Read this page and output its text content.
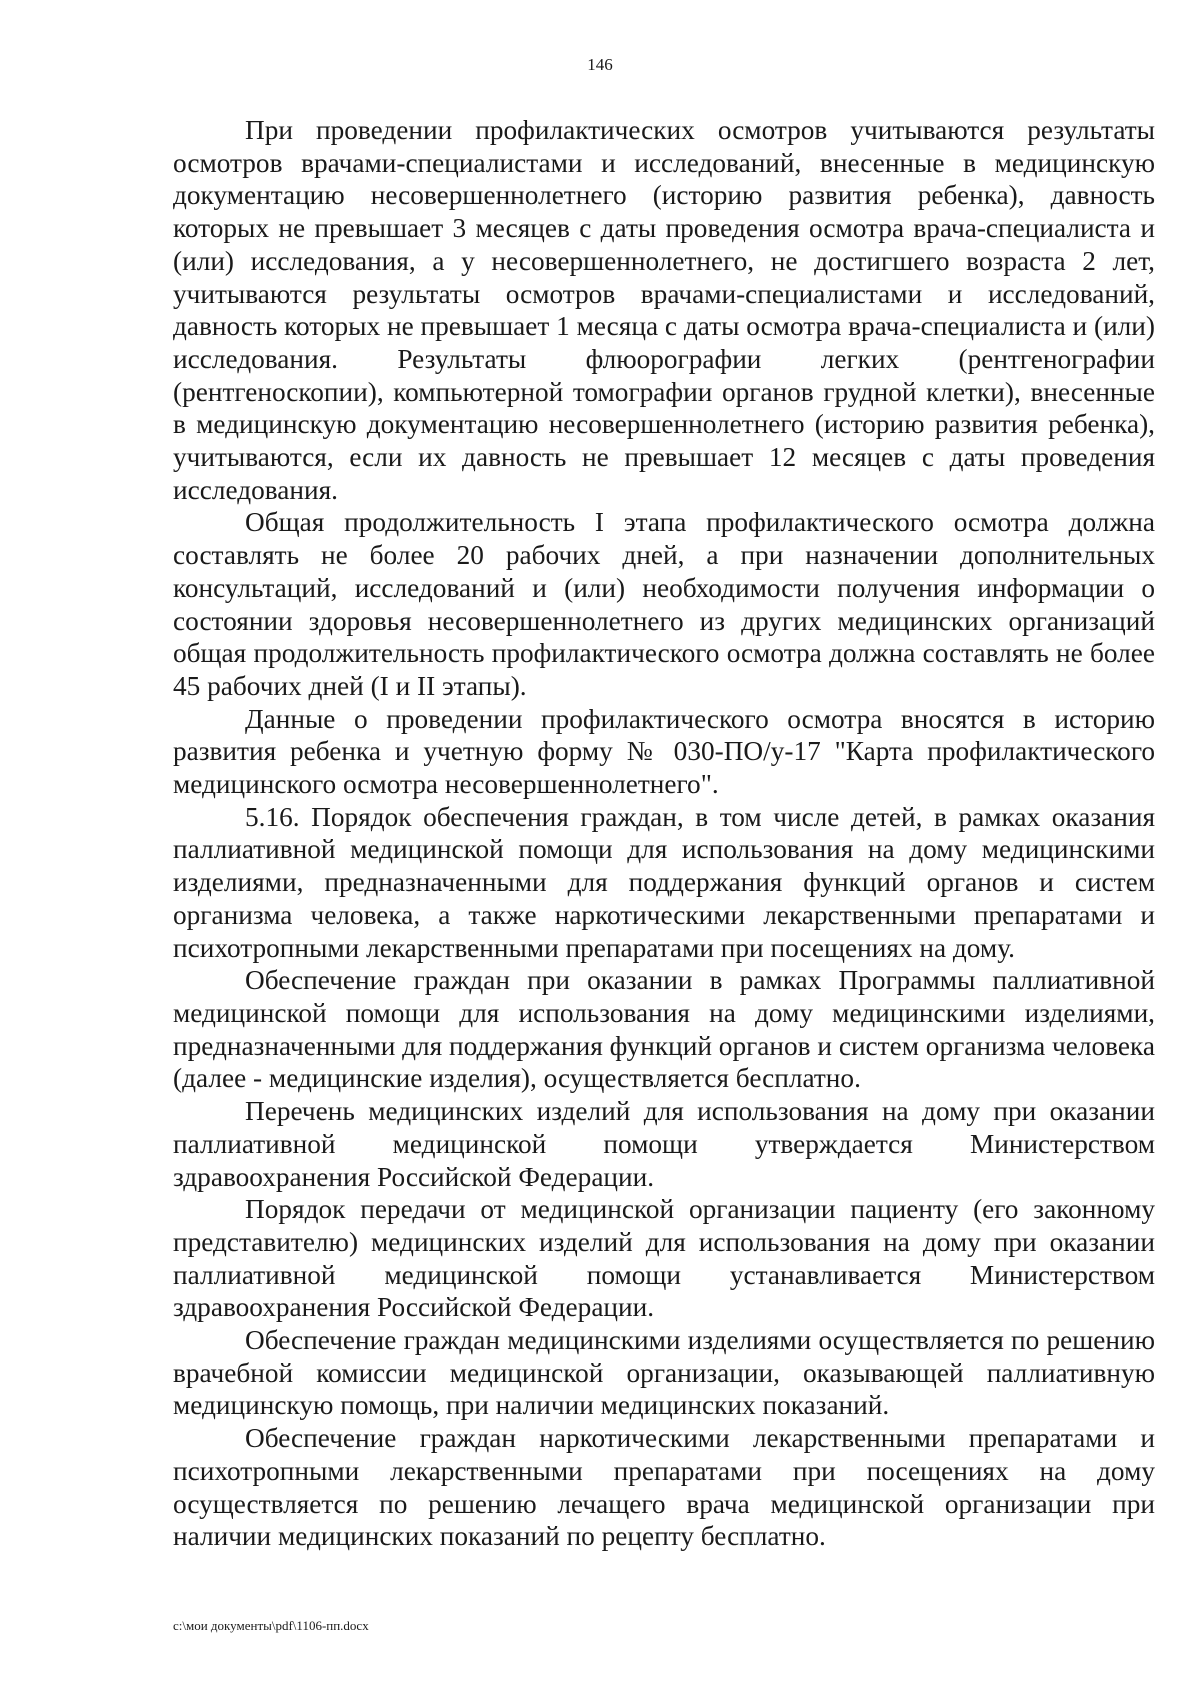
146

При проведении профилактических осмотров учитываются результаты осмотров врачами-специалистами и исследований, внесенные в медицинскую документацию несовершеннолетнего (историю развития ребенка), давность которых не превышает 3 месяцев с даты проведения осмотра врача-специалиста и (или) исследования, а у несовершеннолетнего, не достигшего возраста 2 лет, учитываются результаты осмотров врачами-специалистами и исследований, давность которых не превышает 1 месяца с даты осмотра врача-специалиста и (или) исследования. Результаты флюорографии легких (рентгенографии (рентгеноскопии), компьютерной томографии органов грудной клетки), внесенные в медицинскую документацию несовершеннолетнего (историю развития ребенка), учитываются, если их давность не превышает 12 месяцев с даты проведения исследования.

Общая продолжительность I этапа профилактического осмотра должна составлять не более 20 рабочих дней, а при назначении дополнительных консультаций, исследований и (или) необходимости получения информации о состоянии здоровья несовершеннолетнего из других медицинских организаций общая продолжительность профилактического осмотра должна составлять не более 45 рабочих дней (I и II этапы).

Данные о проведении профилактического осмотра вносятся в историю развития ребенка и учетную форму № 030-ПО/у-17 "Карта профилактического медицинского осмотра несовершеннолетнего".

5.16. Порядок обеспечения граждан, в том числе детей, в рамках оказания паллиативной медицинской помощи для использования на дому медицинскими изделиями, предназначенными для поддержания функций органов и систем организма человека, а также наркотическими лекарственными препаратами и психотропными лекарственными препаратами при посещениях на дому.

Обеспечение граждан при оказании в рамках Программы паллиативной медицинской помощи для использования на дому медицинскими изделиями, предназначенными для поддержания функций органов и систем организма человека (далее - медицинские изделия), осуществляется бесплатно.

Перечень медицинских изделий для использования на дому при оказании паллиативной медицинской помощи утверждается Министерством здравоохранения Российской Федерации.

Порядок передачи от медицинской организации пациенту (его законному представителю) медицинских изделий для использования на дому при оказании паллиативной медицинской помощи устанавливается Министерством здравоохранения Российской Федерации.

Обеспечение граждан медицинскими изделиями осуществляется по решению врачебной комиссии медицинской организации, оказывающей паллиативную медицинскую помощь, при наличии медицинских показаний.

Обеспечение граждан наркотическими лекарственными препаратами и психотропными лекарственными препаратами при посещениях на дому осуществляется по решению лечащего врача медицинской организации при наличии медицинских показаний по рецепту бесплатно.

c:\мои документы\pdf\1106-пп.docx
